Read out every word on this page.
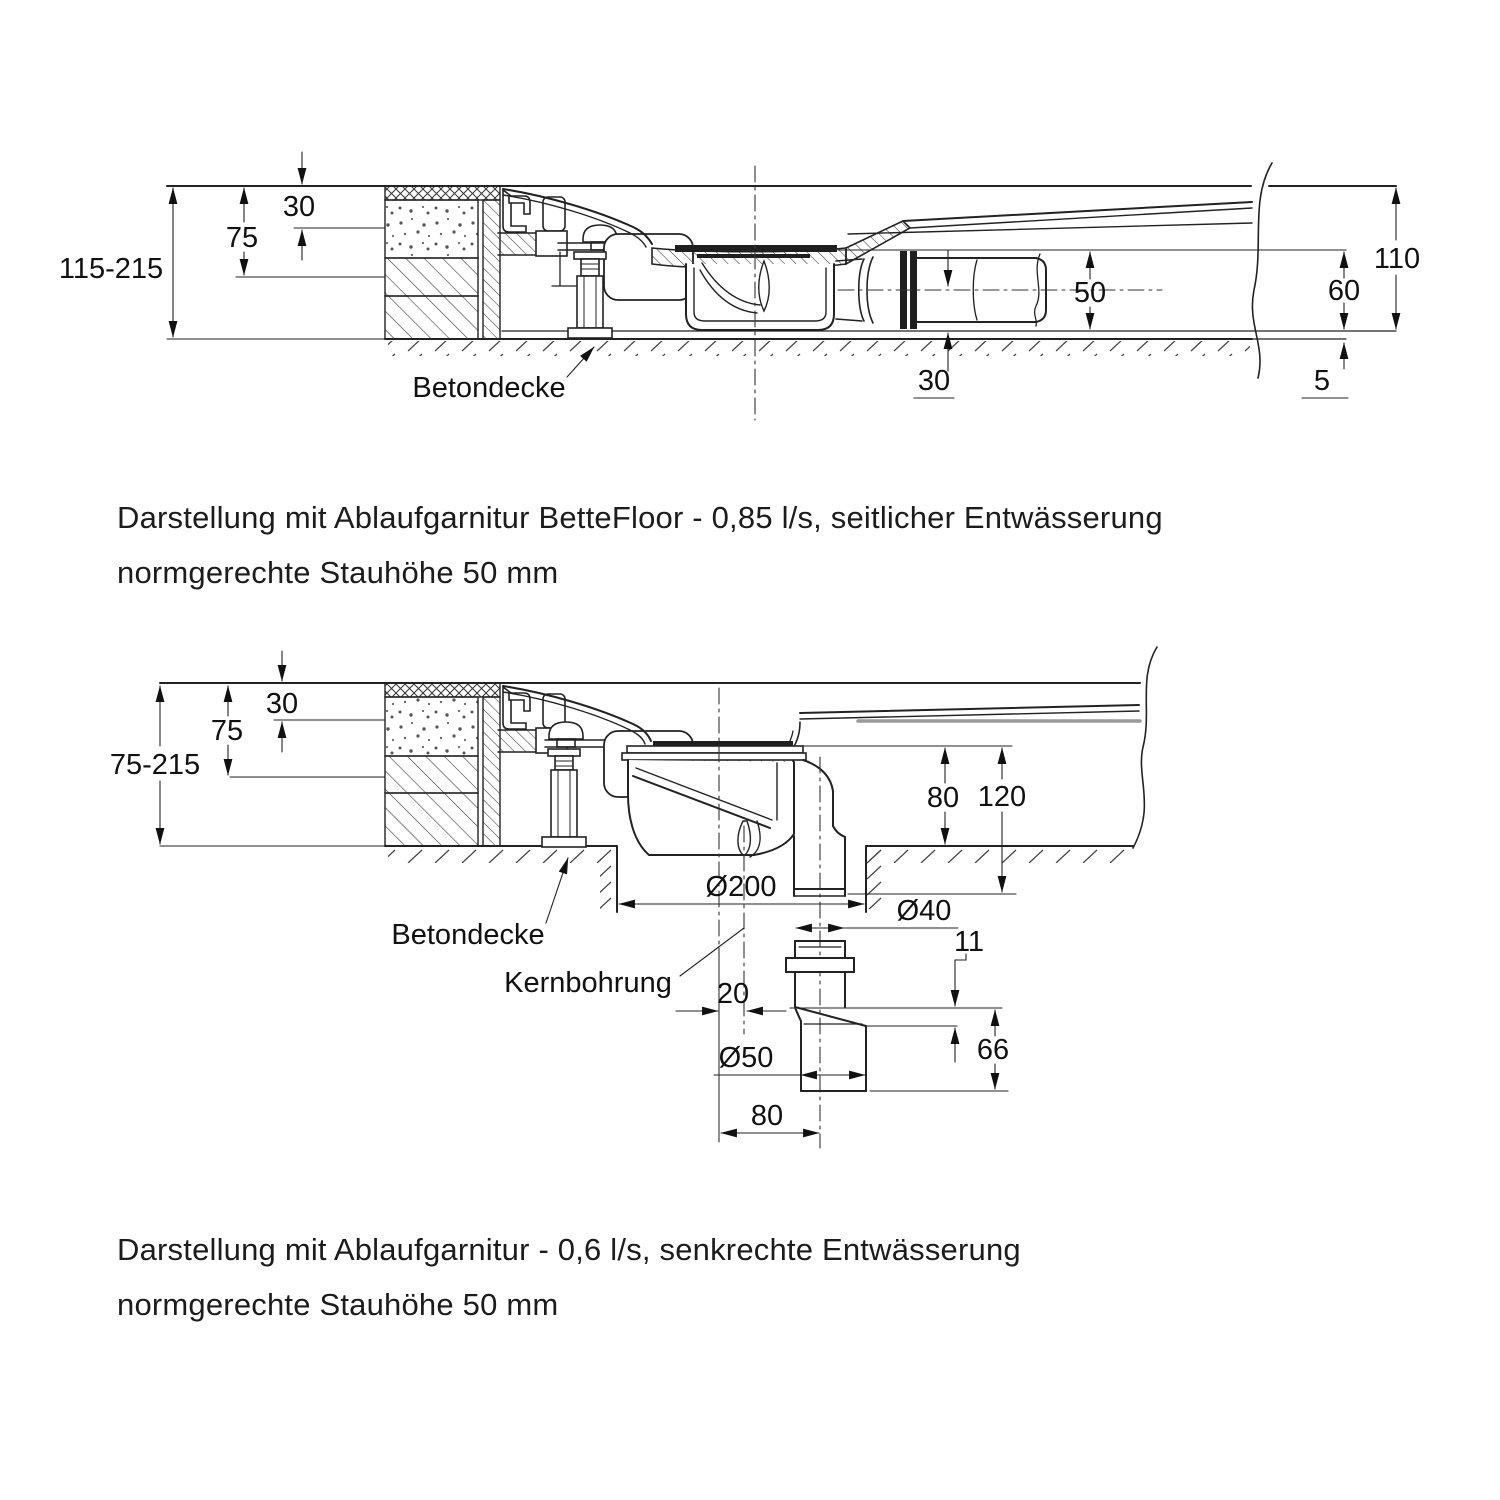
30
75
115-215
50	60
110
30	5
Betondecke
30
75
75-215
80 120
Ø200
Ø40
11
20
Ø50	66
80
Betondecke
Kernbohrung
Darstellung mit Ablaufgarnitur BetteFloor - 0,85 l/s, seitlicher Entwässerung
normgerechte Stauhöhe 50 mm
Darstellung mit Ablaufgarnitur - 0,6 l/s, senkrechte Entwässerung
normgerechte Stauhöhe 50 mm
